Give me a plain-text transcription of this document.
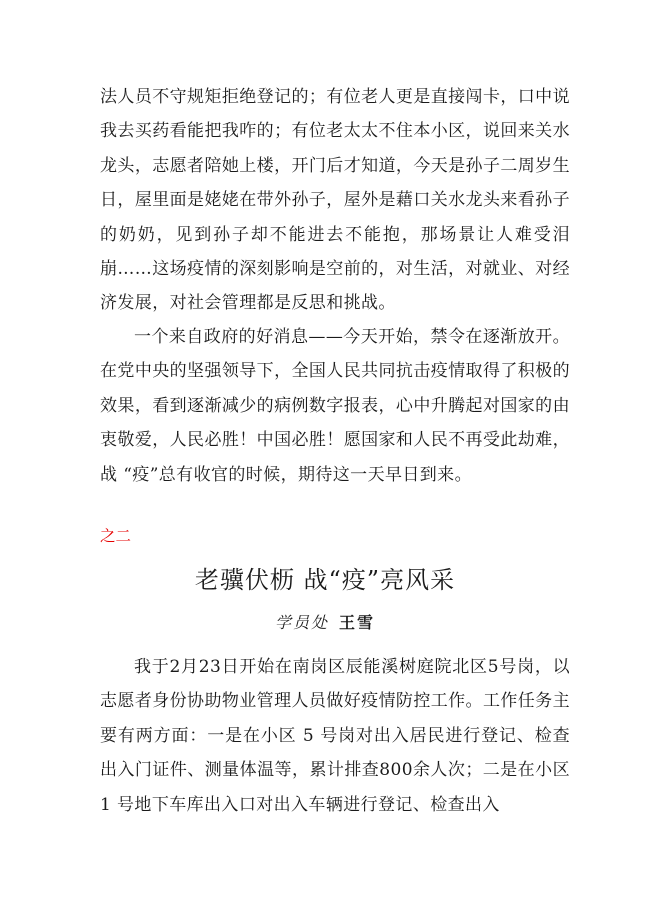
法人员不守规矩拒绝登记的；有位老人更是直接闯卡，口中说我去买药看能把我咋的；有位老太太不住本小区，说回来关水龙头，志愿者陪她上楼，开门后才知道，今天是孙子二周岁生日，屋里面是姥姥在带外孙子，屋外是藉口关水龙头来看孙子的奶奶，见到孙子却不能进去不能抱，那场景让人难受泪崩……这场疫情的深刻影响是空前的，对生活，对就业、对经济发展，对社会管理都是反思和挑战。

一个来自政府的好消息——今天开始，禁令在逐渐放开。在党中央的坚强领导下，全国人民共同抗击疫情取得了积极的效果，看到逐渐减少的病例数字报表，心中升腾起对国家的由衷敬爱，人民必胜！中国必胜！愿国家和人民不再受此劫难，战 “疫”总有收官的时候，期待这一天早日到来。

之二

老骥伏枥 战“疫”亮风采

学员处 王雪

我于2月23日开始在南岗区辰能溪树庭院北区5号岗，以志愿者身份协助物业管理人员做好疫情防控工作。工作任务主要有两方面：一是在小区 5 号岗对出入居民进行登记、检查出入门证件、测量体温等，累计排查800余人次；二是在小区 1 号地下车库出入口对出入车辆进行登记、检查出入
